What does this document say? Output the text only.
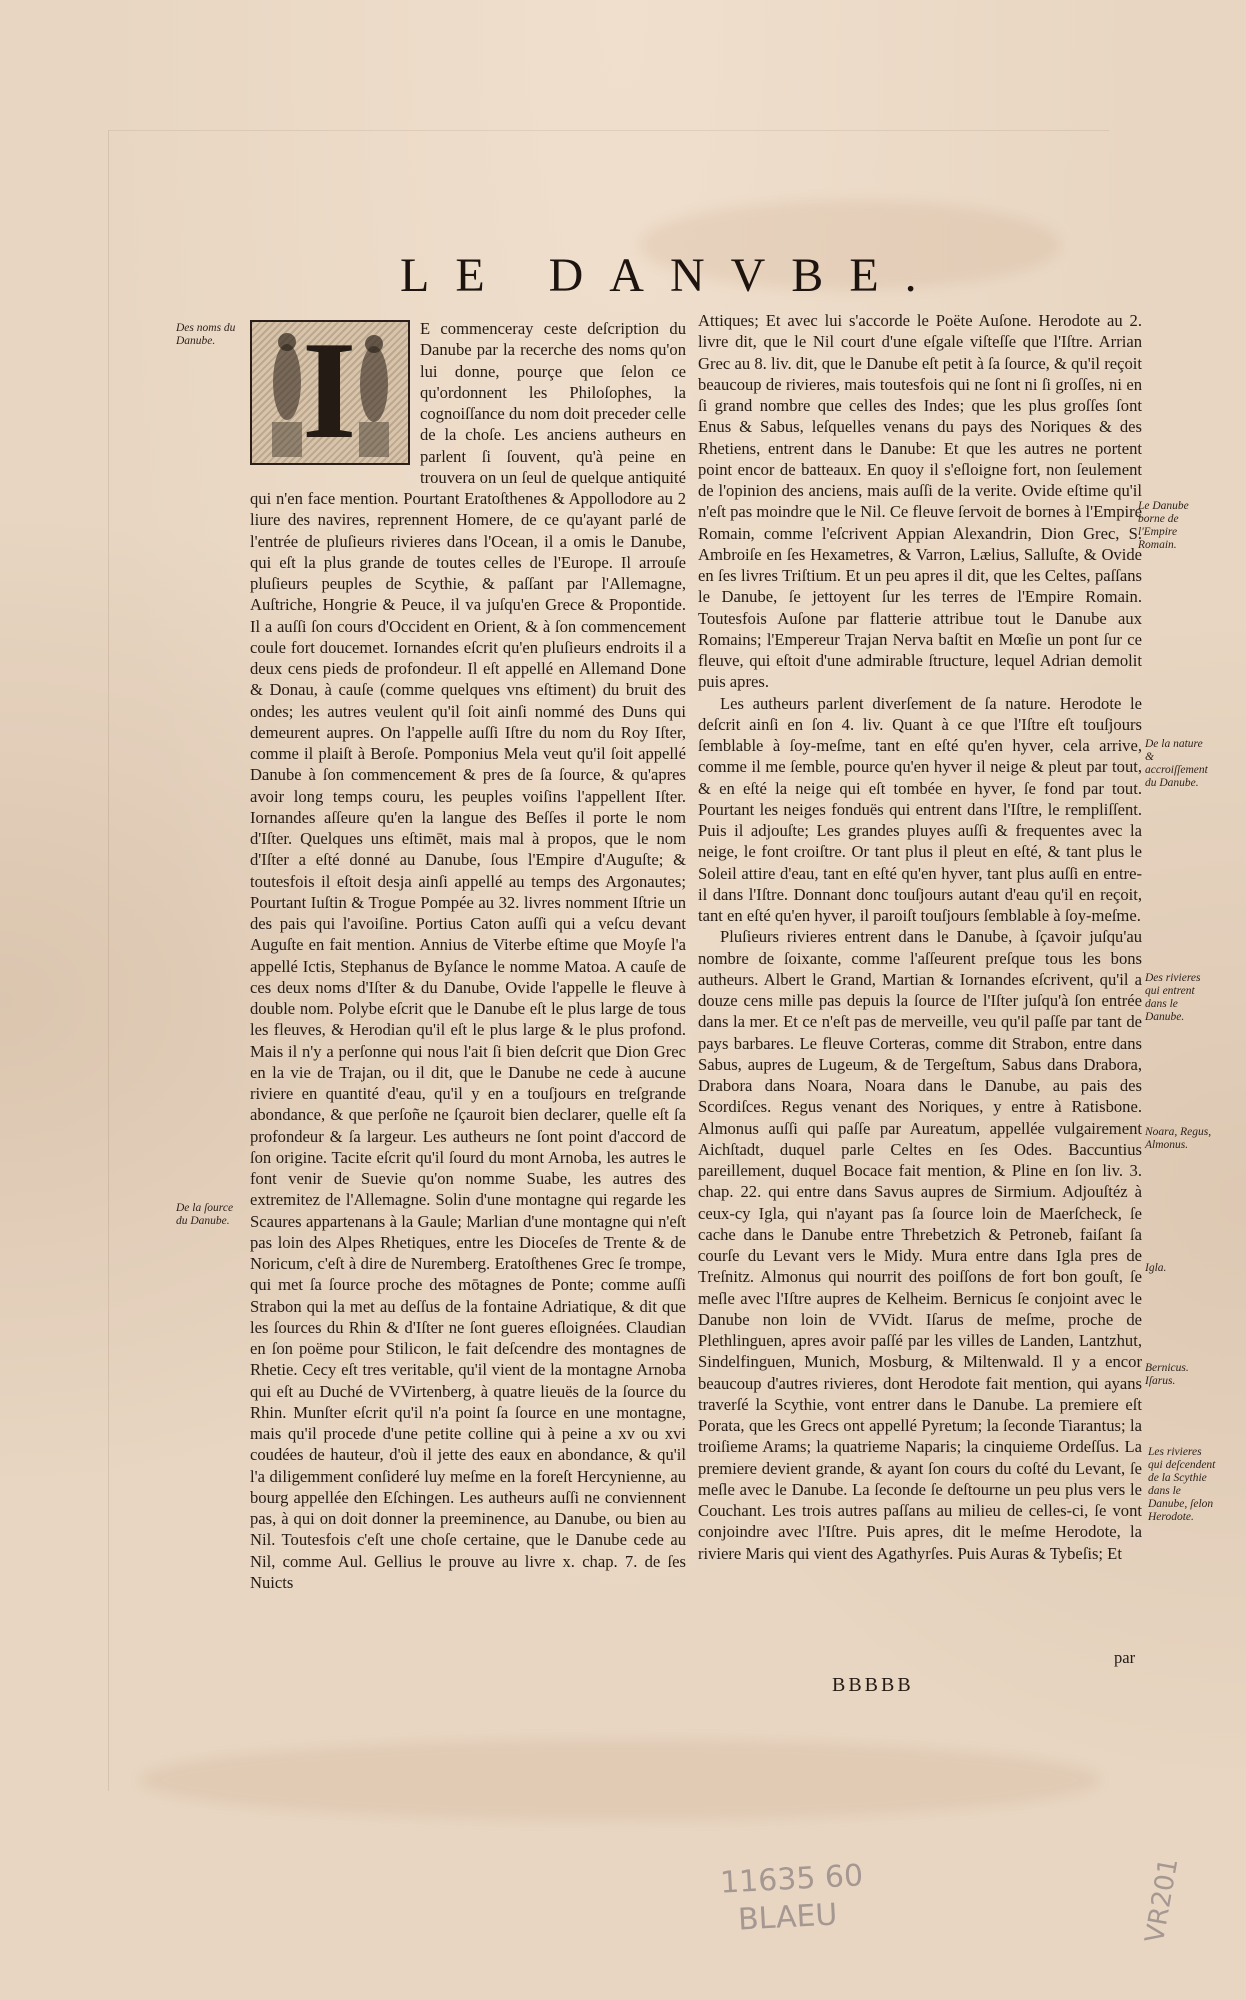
LE DANVBE.
I	E commenceray ceste deſcription du Danube par la recerche des noms qu'on lui donne, pourçe que ſelon ce qu'ordonnent les Philoſophes, la cognoiſſance du nom doit preceder celle de la choſe. Les anciens autheurs en parlent ſi ſouvent, qu'à peine en trouvera on un ſeul de quelque antiquité qui n'en face mention. Pourtant Eratoſthenes & Appollodore au 2 liure des navires, reprennent Homere, de ce qu'ayant parlé de l'entrée de pluſieurs rivieres dans l'Ocean, il a omis le Danube, qui eſt la plus grande de toutes celles de l'Europe. Il arrouſe pluſieurs peuples de Scythie, & paſſant par l'Allemagne, Auſtriche, Hongrie & Peuce, il va juſqu'en Grece & Propontide. Il a auſſi ſon cours d'Occident en Orient, & à ſon commencement coule fort doucemet. Iornandes eſcrit qu'en pluſieurs endroits il a deux cens pieds de profondeur. Il eſt appellé en Allemand Done & Donau, à cauſe (comme quelques vns eſtiment) du bruit des ondes; les autres veulent qu'il ſoit ainſi nommé des Duns qui demeurent aupres. On l'appelle auſſi Iſtre du nom du Roy Iſter, comme il plaiſt à Beroſe. Pomponius Mela veut qu'il ſoit appellé Danube à ſon commencement & pres de ſa ſource, & qu'apres avoir long temps couru, les peuples voiſins l'appellent Iſter. Iornandes aſſeure qu'en la langue des Beſſes il porte le nom d'Iſter. Quelques uns eſtimēt, mais mal à propos, que le nom d'Iſter a eſté donné au Danube, ſous l'Empire d'Auguſte; & toutesfois il eſtoit desja ainſi appellé au temps des Argonautes; Pourtant Iuſtin & Trogue Pompée au 32. livres nomment Iſtrie un des pais qui l'avoiſine. Portius Caton auſſi qui a veſcu devant Auguſte en fait mention. Annius de Viterbe eſtime que Moyſe l'a appellé Ictis, Stephanus de Byſance le nomme Matoa. A cauſe de ces deux noms d'Iſter & du Danube, Ovide l'appelle le fleuve à double nom. Polybe eſcrit que le Danube eſt le plus large de tous les fleuves, & Herodian qu'il eſt le plus large & le plus profond. Mais il n'y a perſonne qui nous l'ait ſi bien deſcrit que Dion Grec en la vie de Trajan, ou il dit, que le Danube ne cede à aucune riviere en quantité d'eau, qu'il y en a touſjours en treſgrande abondance, & que perſoñe ne ſçauroit bien declarer, quelle eſt ſa profondeur & ſa largeur. Les autheurs ne ſont point d'accord de ſon origine. Tacite eſcrit qu'il ſourd du mont Arnoba, les autres le font venir de Suevie qu'on nomme Suabe, les autres des extremitez de l'Allemagne. Solin d'une montagne qui regarde les Scaures appartenans à la Gaule; Marlian d'une montagne qui n'eſt pas loin des Alpes Rhetiques, entre les Dioceſes de Trente & de Noricum, c'eſt à dire de Nuremberg. Eratoſthenes Grec ſe trompe, qui met ſa ſource proche des mōtagnes de Ponte; comme auſſi Strabon qui la met au deſſus de la fontaine Adriatique, & dit que les ſources du Rhin & d'Iſter ne ſont gueres eſloignées. Claudian en ſon poëme pour Stilicon, le fait deſcendre des montagnes de Rhetie. Cecy eſt tres veritable, qu'il vient de la montagne Arnoba qui eſt au Duché de VVirtenberg, à quatre lieuës de la ſource du Rhin. Munſter eſcrit qu'il n'a point ſa ſource en une montagne, mais qu'il procede d'une petite colline qui à peine a xv ou xvi coudées de hauteur, d'où il jette des eaux en abondance, & qu'il l'a diligemment conſideré luy meſme en la foreſt Hercynienne, au bourg appellée den Eſchingen. Les autheurs auſſi ne conviennent pas, à qui on doit donner la preeminence, au Danube, ou bien au Nil. Toutesfois c'eſt une choſe certaine, que le Danube cede au Nil, comme Aul. Gellius le prouve au livre x. chap. 7. de ſes Nuicts

Attiques; Et avec lui s'accorde le Poëte Auſone. Herodote au 2. livre dit, que le Nil court d'une eſgale viſteſſe que l'Iſtre. Arrian Grec au 8. liv. dit, que le Danube eſt petit à ſa ſource, & qu'il reçoit beaucoup de rivieres, mais toutesfois qui ne ſont ni ſi groſſes, ni en ſi grand nombre que celles des Indes; que les plus groſſes ſont Enus & Sabus, leſquelles venans du pays des Noriques & des Rhetiens, entrent dans le Danube: Et que les autres ne portent point encor de batteaux. En quoy il s'eſloigne fort, non ſeulement de l'opinion des anciens, mais auſſi de la verite. Ovide eſtime qu'il n'eſt pas moindre que le Nil. Ce fleuve ſervoit de bornes à l'Empire Romain, comme l'eſcrivent Appian Alexandrin, Dion Grec, S. Ambroiſe en ſes Hexametres, & Varron, Lælius, Salluſte, & Ovide en ſes livres Triſtium. Et un peu apres il dit, que les Celtes, paſſans le Danube, ſe jettoyent ſur les terres de l'Empire Romain. Toutesfois Auſone par flatterie attribue tout le Danube aux Romains; l'Empereur Trajan Nerva baſtit en Mœſie un pont ſur ce fleuve, qui eſtoit d'une admirable ſtructure, lequel Adrian demolit puis apres.

Les autheurs parlent diverſement de ſa nature. Herodote le deſcrit ainſi en ſon 4. liv. Quant à ce que l'Iſtre eſt touſjours ſemblable à ſoy-meſme, tant en eſté qu'en hyver, cela arrive, comme il me ſemble, pource qu'en hyver il neige & pleut par tout, & en eſté la neige qui eſt tombée en hyver, ſe fond par tout. Pourtant les neiges fonduës qui entrent dans l'Iſtre, le rempliſſent. Puis il adjouſte; Les grandes pluyes auſſi & frequentes avec la neige, le font croiſtre. Or tant plus il pleut en eſté, & tant plus le Soleil attire d'eau, tant en eſté qu'en hyver, tant plus auſſi en entre-il dans l'Iſtre. Donnant donc touſjours autant d'eau qu'il en reçoit, tant en eſté qu'en hyver, il paroiſt touſjours ſemblable à ſoy-meſme.

Pluſieurs rivieres entrent dans le Danube, à ſçavoir juſqu'au nombre de ſoixante, comme l'aſſeurent preſque tous les bons autheurs. Albert le Grand, Martian & Iornandes eſcrivent, qu'il a douze cens mille pas depuis la ſource de l'Iſter juſqu'à ſon entrée dans la mer. Et ce n'eſt pas de merveille, veu qu'il paſſe par tant de pays barbares. Le fleuve Corteras, comme dit Strabon, entre dans Sabus, aupres de Lugeum, & de Tergeſtum, Sabus dans Drabora, Drabora dans Noara, Noara dans le Danube, au pais des Scordiſces. Regus venant des Noriques, y entre à Ratisbone. Almonus auſſi qui paſſe par Aureatum, appellée vulgairement Aichſtadt, duquel parle Celtes en ſes Odes. Baccuntius pareillement, duquel Bocace fait mention, & Pline en ſon liv. 3. chap. 22. qui entre dans Savus aupres de Sirmium. Adjouſtéz à ceux-cy Igla, qui n'ayant pas ſa ſource loin de Maerſcheck, ſe cache dans le Danube entre Threbetzich & Petroneb, faiſant ſa courſe du Levant vers le Midy. Mura entre dans Igla pres de Treſnitz. Almonus qui nourrit des poiſſons de fort bon gouſt, ſe meſle avec l'Iſtre aupres de Kelheim. Bernicus ſe conjoint avec le Danube non loin de VVidt. Iſarus de meſme, proche de Plethlinguen, apres avoir paſſé par les villes de Landen, Lantzhut, Sindelfinguen, Munich, Mosburg, & Miltenwald. Il y a encor beaucoup d'autres rivieres, dont Herodote fait mention, qui ayans traverſé la Scythie, vont entrer dans le Danube. La premiere eſt Porata, que les Grecs ont appellé Pyretum; la ſeconde Tiarantus; la troiſieme Arams; la quatrieme Naparis; la cinquieme Ordeſſus. La premiere devient grande, & ayant ſon cours du coſté du Levant, ſe meſle avec le Danube. La ſeconde ſe deſtourne un peu plus vers le Couchant. Les trois autres paſſans au milieu de celles-ci, ſe vont conjoindre avec l'Iſtre. Puis apres, dit le meſme Herodote, la riviere Maris qui vient des Agathyrſes. Puis Auras & Tybeſis; Et

Des noms du Danube.
De la ſource du Danube.
Le Danube borne de l'Empire Romain.
De la nature & accroiſſement du Danube.
Des rivieres qui entrent dans le Danube.
Noara, Regus, Almonus.
Igla.
Bernicus. Iſarus.
Les rivieres qui deſcendent de la Scythie dans le Danube, ſelon Herodote.
par
BBBBB
11635 60
BLAEU	VR201
